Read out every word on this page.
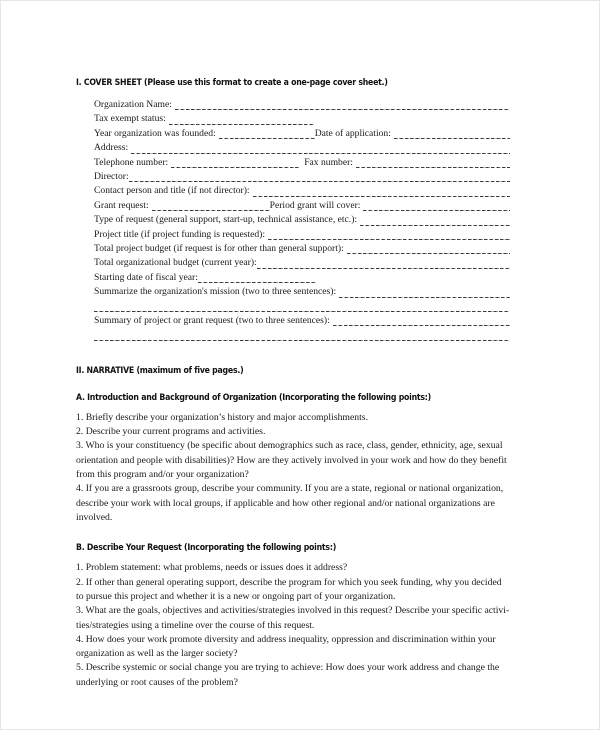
I. COVER SHEET (Please use this format to create a one-page cover sheet.)
Organization Name:
Tax exempt status:
Year organization was founded:	Date of application:
Address:
Telephone number:	Fax number:
Director:
Contact person and title (if not director):
Grant request:	Period grant will cover:
Type of request (general support, start-up, technical assistance, etc.):
Project title (if project funding is requested):
Total project budget (if request is for other than general support):
Total organizational budget (current year):
Starting date of fiscal year:
Summarize the organization's mission (two to three sentences):
Summary of project or grant request (two to three sentences):
II. NARRATIVE (maximum of five pages.)
A. Introduction and Background of Organization (Incorporating the following points:)

1. Briefly describe your organization’s history and major accomplishments.

2. Describe your current programs and activities.

3. Who is your constituency (be specific about demographics such as race, class, gender, ethnicity, age, sexual orientation and people with disabilities)? How are they actively involved in your work and how do they benefit from this program and/or your organization?

4. If you are a grassroots group, describe your community. If you are a state, regional or national organization, describe your work with local groups, if applicable and how other regional and/or national organizations are involved.

B. Describe Your Request (Incorporating the following points:)

1. Problem statement: what problems, needs or issues does it address?

2. If other than general operating support, describe the program for which you seek funding, why you decided to pursue this project and whether it is a new or ongoing part of your organization.

3. What are the goals, objectives and activities/strategies involved in this request? Describe your specific activi-ties/strategies using a timeline over the course of this request.

4. How does your work promote diversity and address inequality, oppression and discrimination within your organization as well as the larger society?

5. Describe systemic or social change you are trying to achieve: How does your work address and change the underlying or root causes of the problem?
